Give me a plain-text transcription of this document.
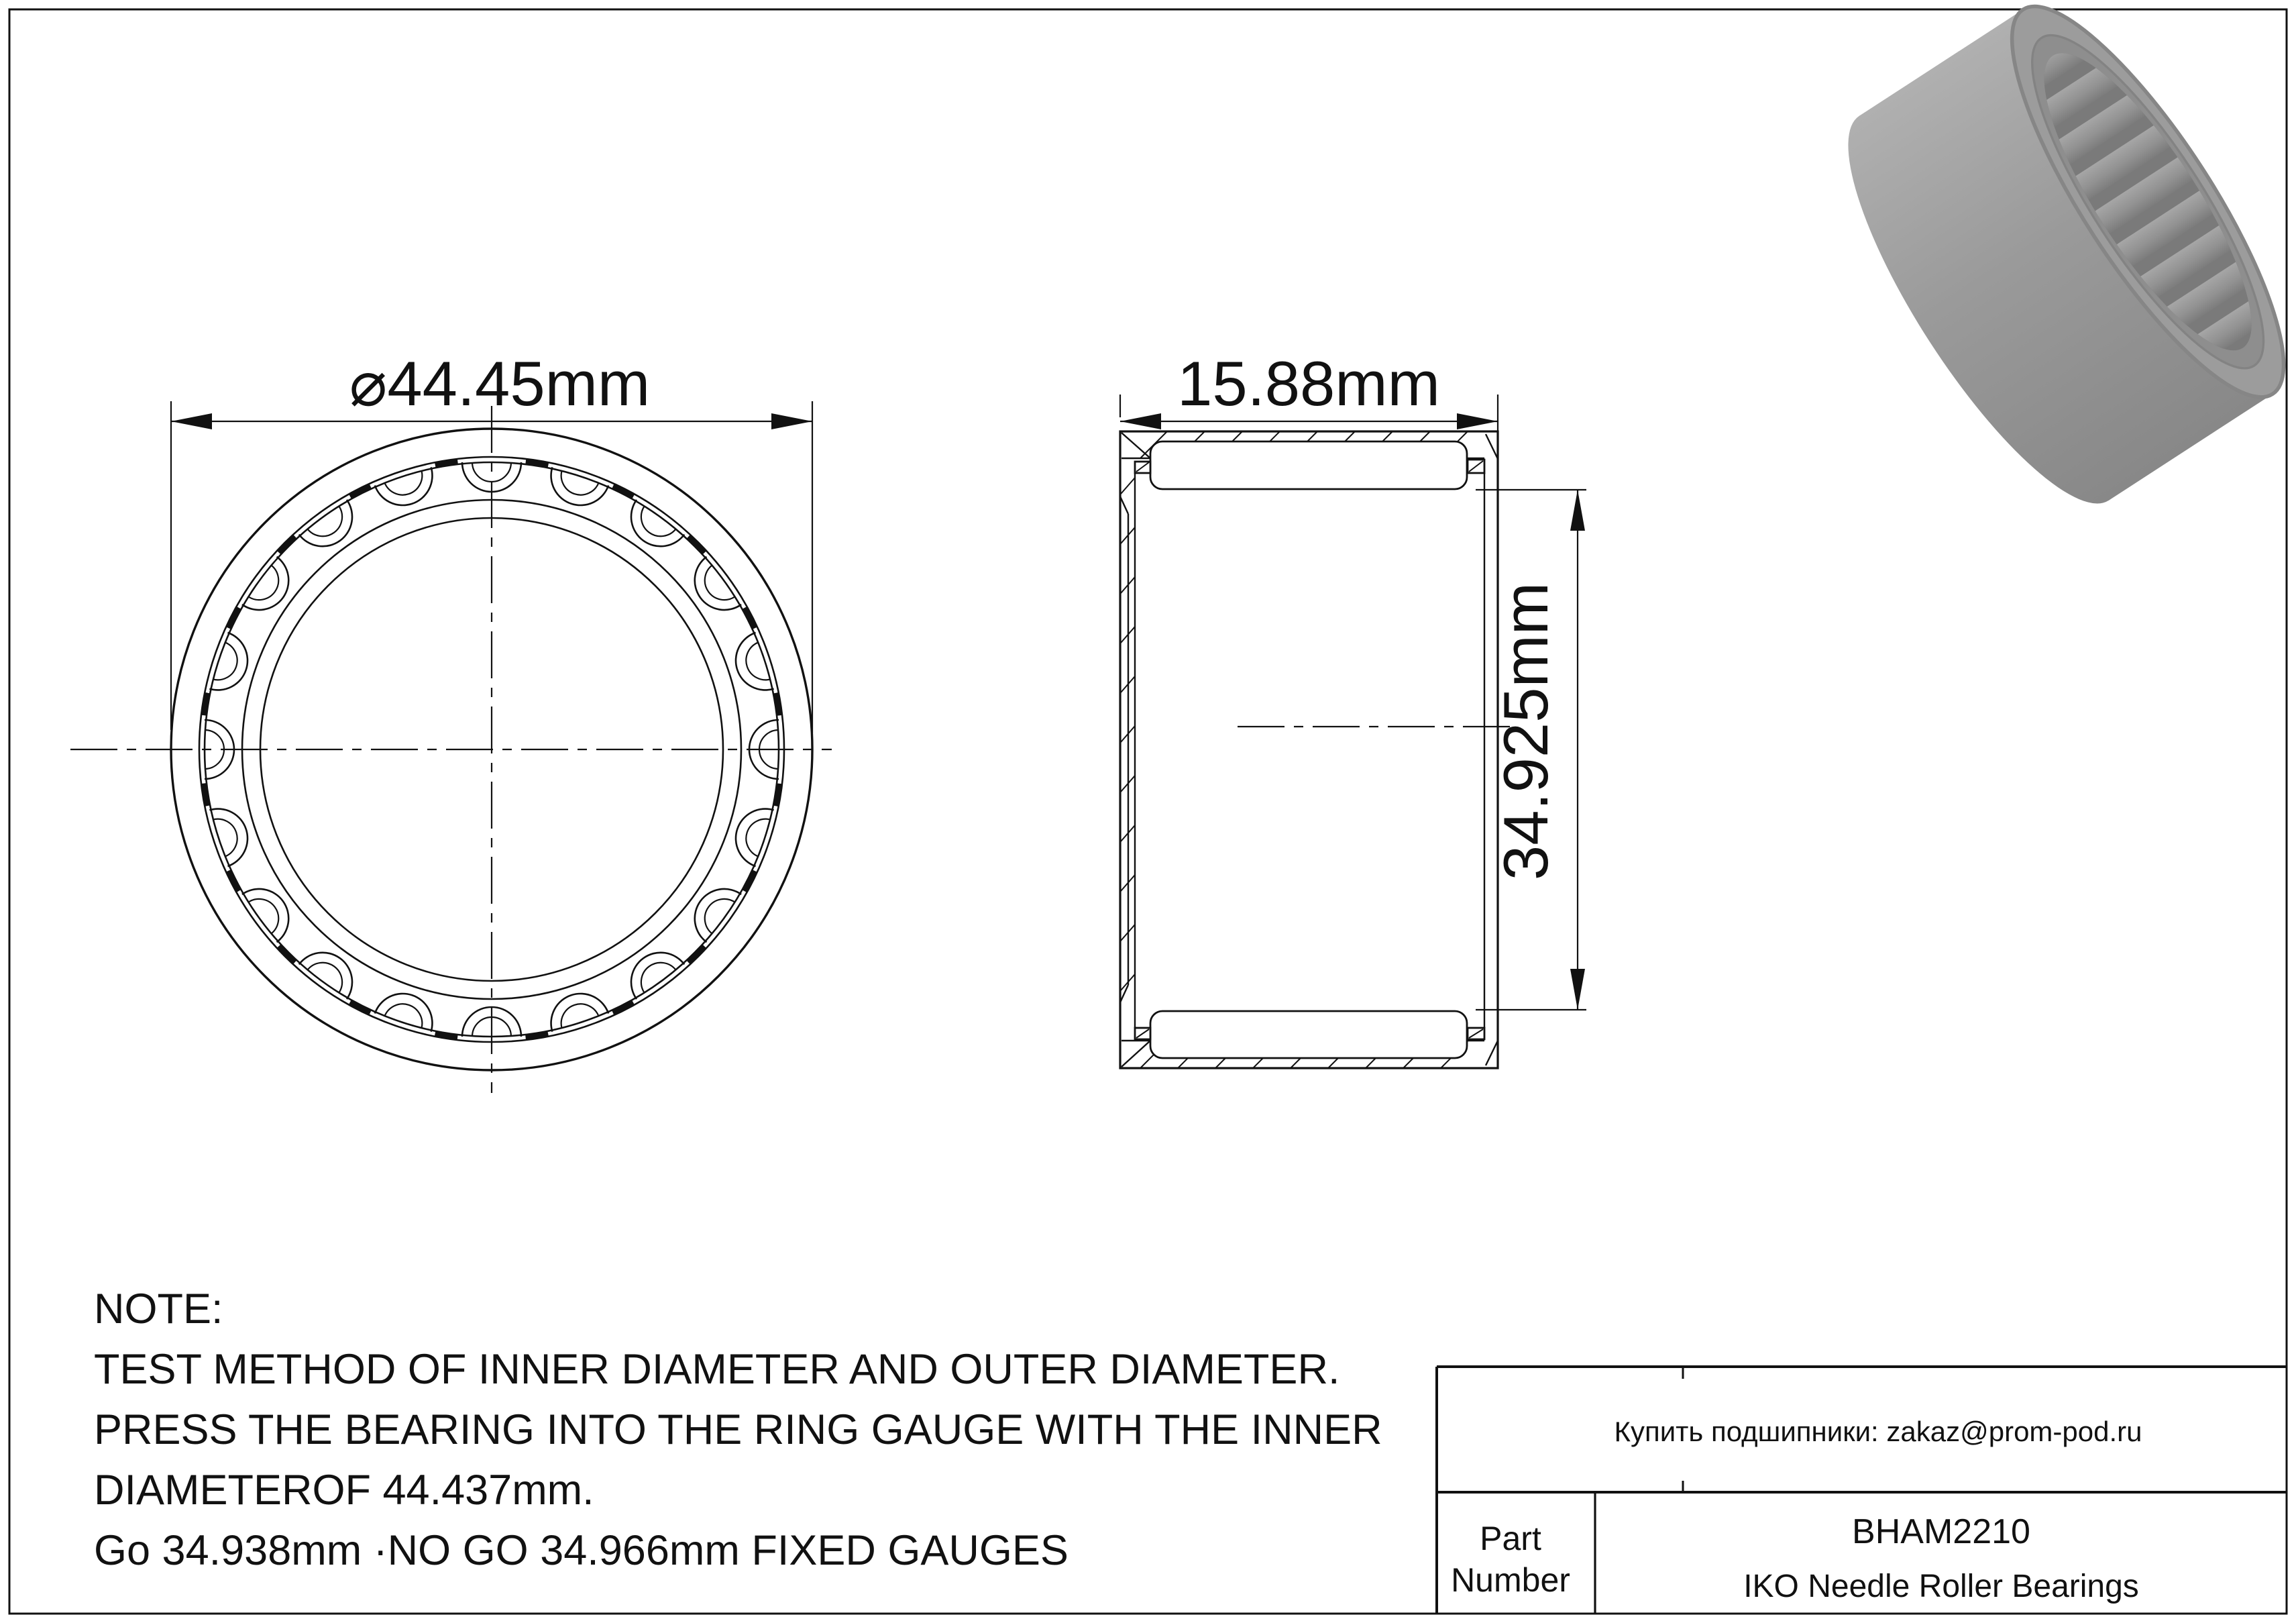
⌀44.45mm	15.88mm
34.925mm
NOTE:
TEST METHOD OF INNER DIAMETER AND OUTER DIAMETER.
PRESS THE BEARING INTO THE RING GAUGE WITH THE INNER
DIAMETEROF 44.437mm.
Go 34.938mm ·NO GO 34.966mm FIXED GAUGES
Купить подшипники: zakaz@prom-pod.ru
Part
Number
BHAM2210
IKO Needle Roller Bearings
